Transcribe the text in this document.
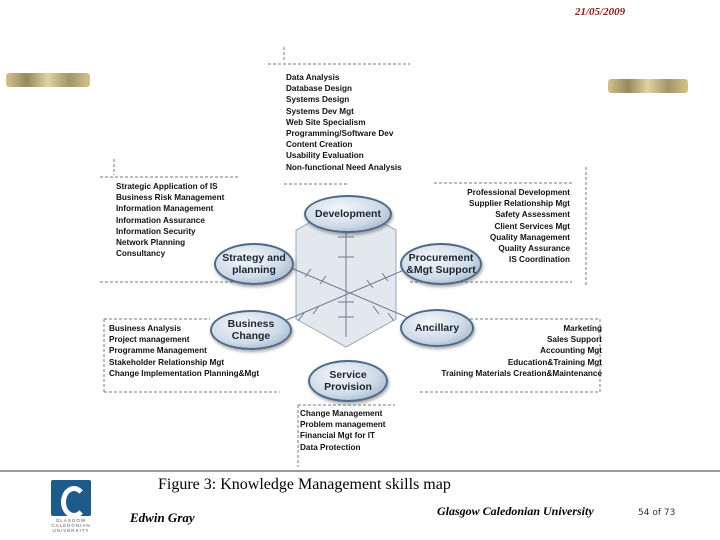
21/05/2009
Data Analysis
Database Design
Systems Design
Systems Dev Mgt
Web Site Specialism
Programming/Software Dev
Content Creation
Usability Evaluation
Non-functional Need Analysis
Strategic Application of IS
Business Risk Management
Information Management
Information Assurance
Information Security
Network Planning
Consultancy
Professional Development
Supplier Relationship Mgt
Safety Assessment
Client Services Mgt
Quality Management
Quality Assurance
IS Coordination
Business Analysis
Project management
Programme Management
Stakeholder Relationship Mgt
Change Implementation Planning&Mgt
Marketing
Sales Support
Accounting Mgt
Education&Training Mgt
Training Materials Creation&Maintenance
Change Management
Problem management
Financial Mgt for IT
Data Protection
Development
Strategy and planning
Procurement &Mgt Support
Business Change
Ancillary
Service Provision
Figure 3: Knowledge Management skills map
GLASGOW
CALEDONIAN
UNIVERSITY
Edwin Gray	Glasgow Caledonian University	54 of 73
